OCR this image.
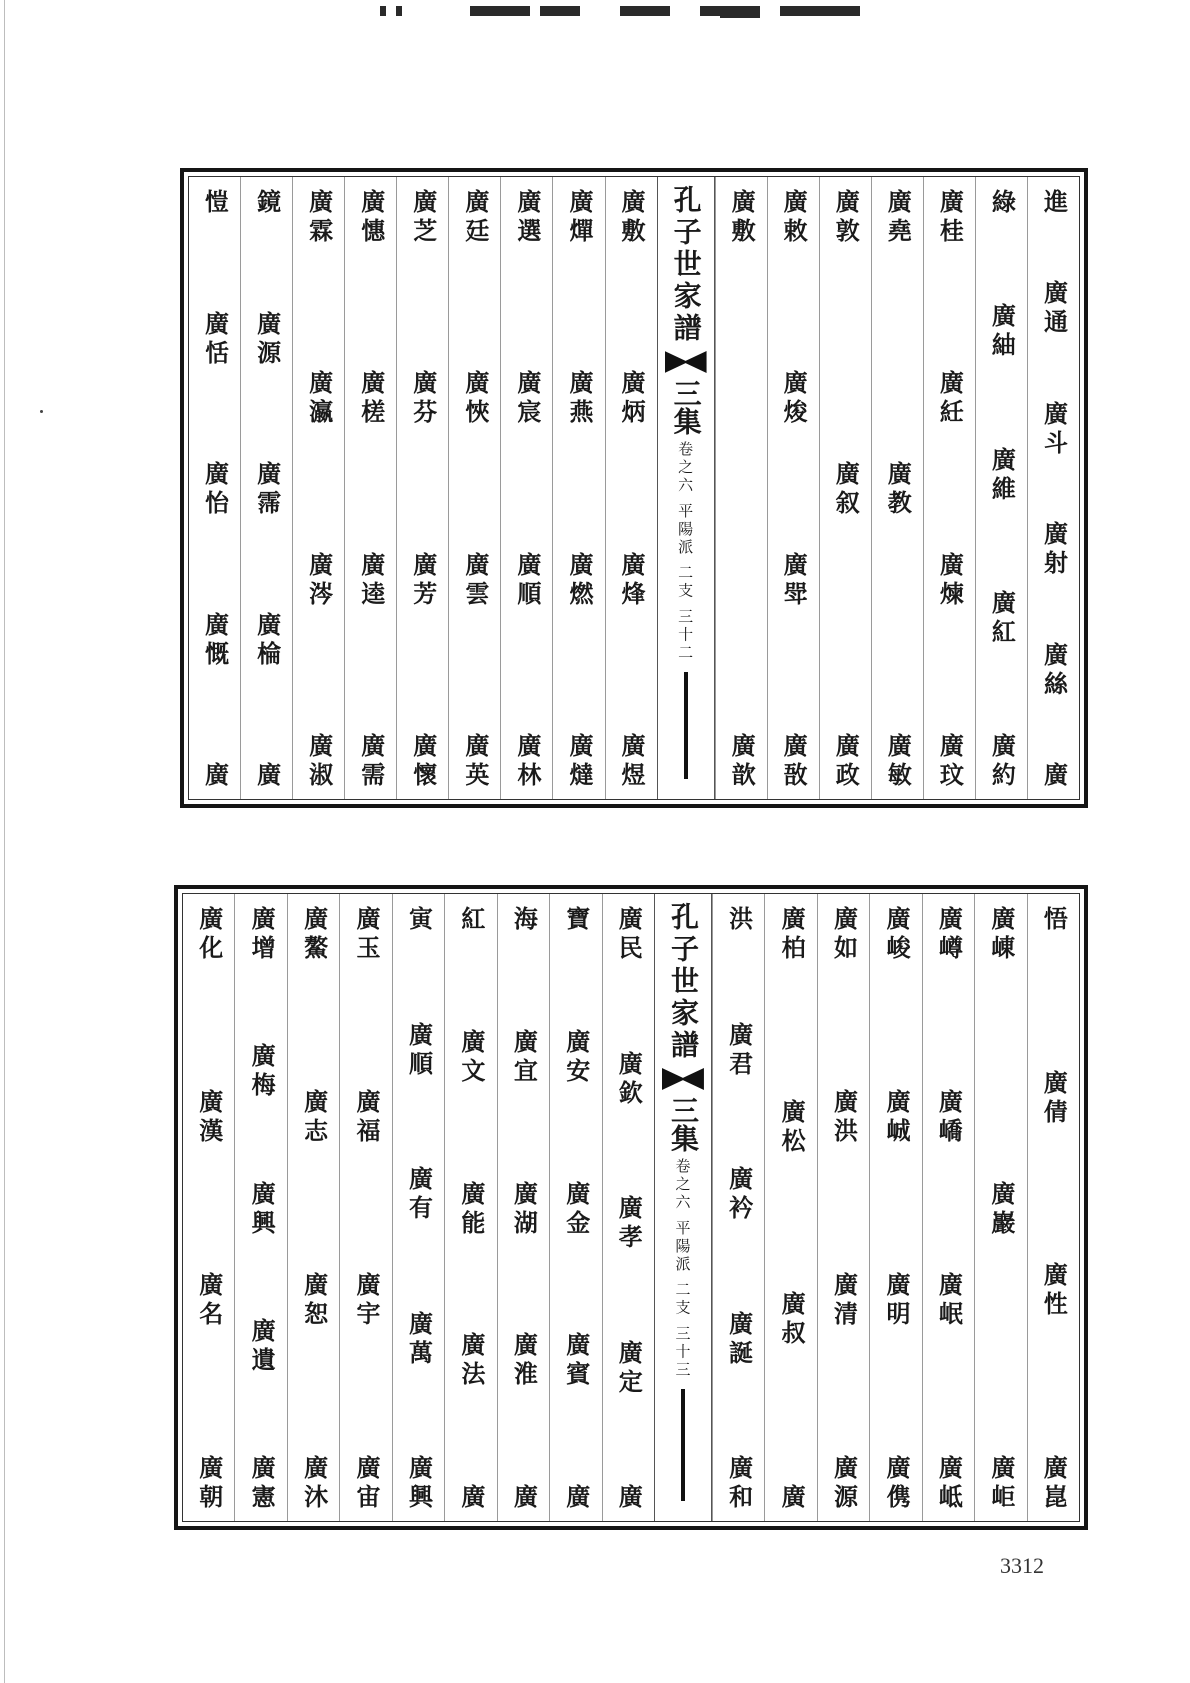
進
廣通
廣斗
廣射
廣絲
廣
綠
廣紬
廣維
廣紅
廣約
廣桂
廣紝
廣煉
廣玟
廣堯
廣教
廣敏
廣敦
廣叙
廣政
廣敕
廣焌
廣斝
廣敔
廣敷
廣歆
孔子世家譜
三集
卷之六 平陽派 二支 三十二
廣敷
廣炳
廣烽
廣煜
廣燀
廣燕
廣燃
廣燵
廣選
廣宸
廣順
廣林
廣廷
廣悏
廣雲
廣英
廣芝
廣芬
廣芳
廣懷
廣憓
廣槎
廣逵
廣需
廣霖
廣瀛
廣涔
廣淑
鏡
廣源
廣霈
廣棆
廣
愷
廣恬
廣怡
廣慨
廣
悟
廣倩
廣性
廣崑
廣崠
廣巖
廣岠
廣嶟
廣嶠
廣岷
廣岻
廣峻
廣峸
廣明
廣㑺
廣如
廣洪
廣清
廣源
廣柏
廣松
廣叔
廣
洪
廣君
廣衿
廣誕
廣和
孔子世家譜
三集
卷之六 平陽派 二支 三十三
廣民
廣欽
廣孝
廣定
廣
寶
廣安
廣金
廣賓
廣
海
廣宜
廣湖
廣淮
廣
紅
廣文
廣能
廣法
廣
寅
廣順
廣有
廣萬
廣興
廣玉
廣福
廣宇
廣宙
廣鰲
廣志
廣恕
廣沐
廣增
廣梅
廣興
廣遺
廣憲
廣化
廣漢
廣名
廣朝
3312
